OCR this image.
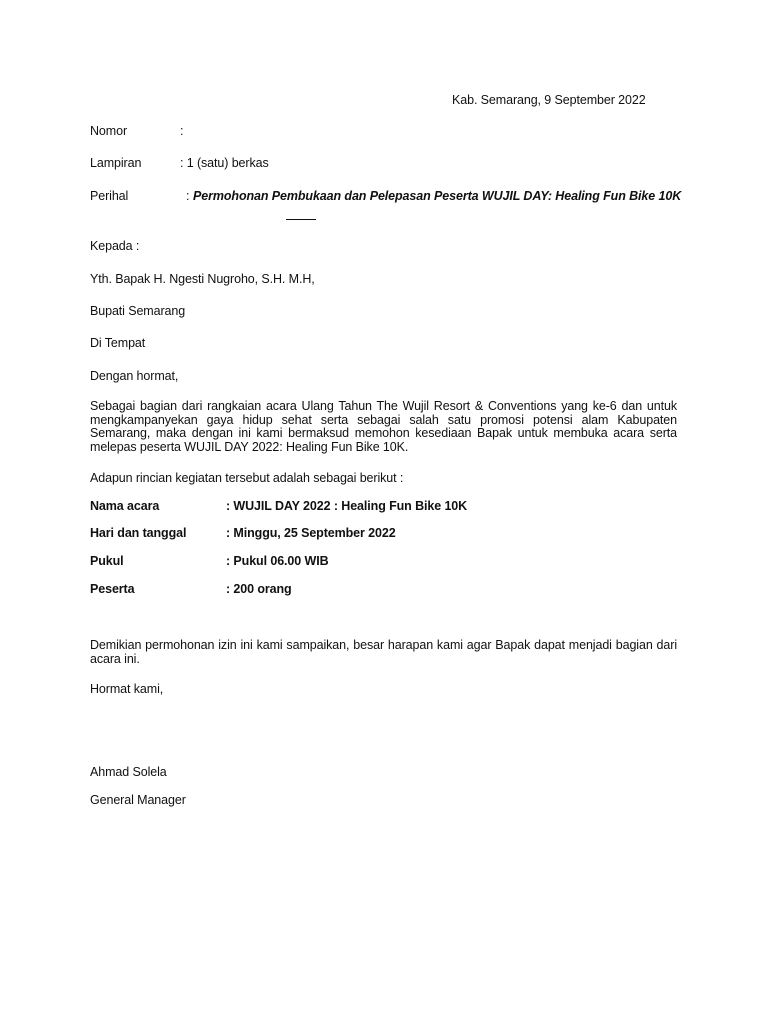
Kab. Semarang, 9 September 2022
Nomor	:
Lampiran	: 1 (satu) berkas
Perihal	: Permohonan Pembukaan dan Pelepasan Peserta WUJIL DAY: Healing Fun Bike 10K
Kepada :
Yth. Bapak H. Ngesti Nugroho, S.H. M.H,
Bupati Semarang
Di Tempat
Dengan hormat,
Sebagai bagian dari rangkaian acara Ulang Tahun The Wujil Resort & Conventions yang ke-6 dan untuk mengkampanyekan gaya hidup sehat serta sebagai salah satu promosi potensi alam Kabupaten Semarang, maka dengan ini kami bermaksud memohon kesediaan Bapak untuk membuka acara serta melepas peserta WUJIL DAY 2022: Healing Fun Bike 10K.
Adapun rincian kegiatan tersebut adalah sebagai berikut :
Nama acara	: WUJIL DAY 2022 : Healing Fun Bike 10K
Hari dan tanggal	: Minggu, 25 September 2022
Pukul	: Pukul 06.00 WIB
Peserta	: 200 orang
Demikian permohonan izin ini kami sampaikan, besar harapan kami agar Bapak dapat menjadi bagian dari acara ini.
Hormat kami,
Ahmad Solela
General Manager
